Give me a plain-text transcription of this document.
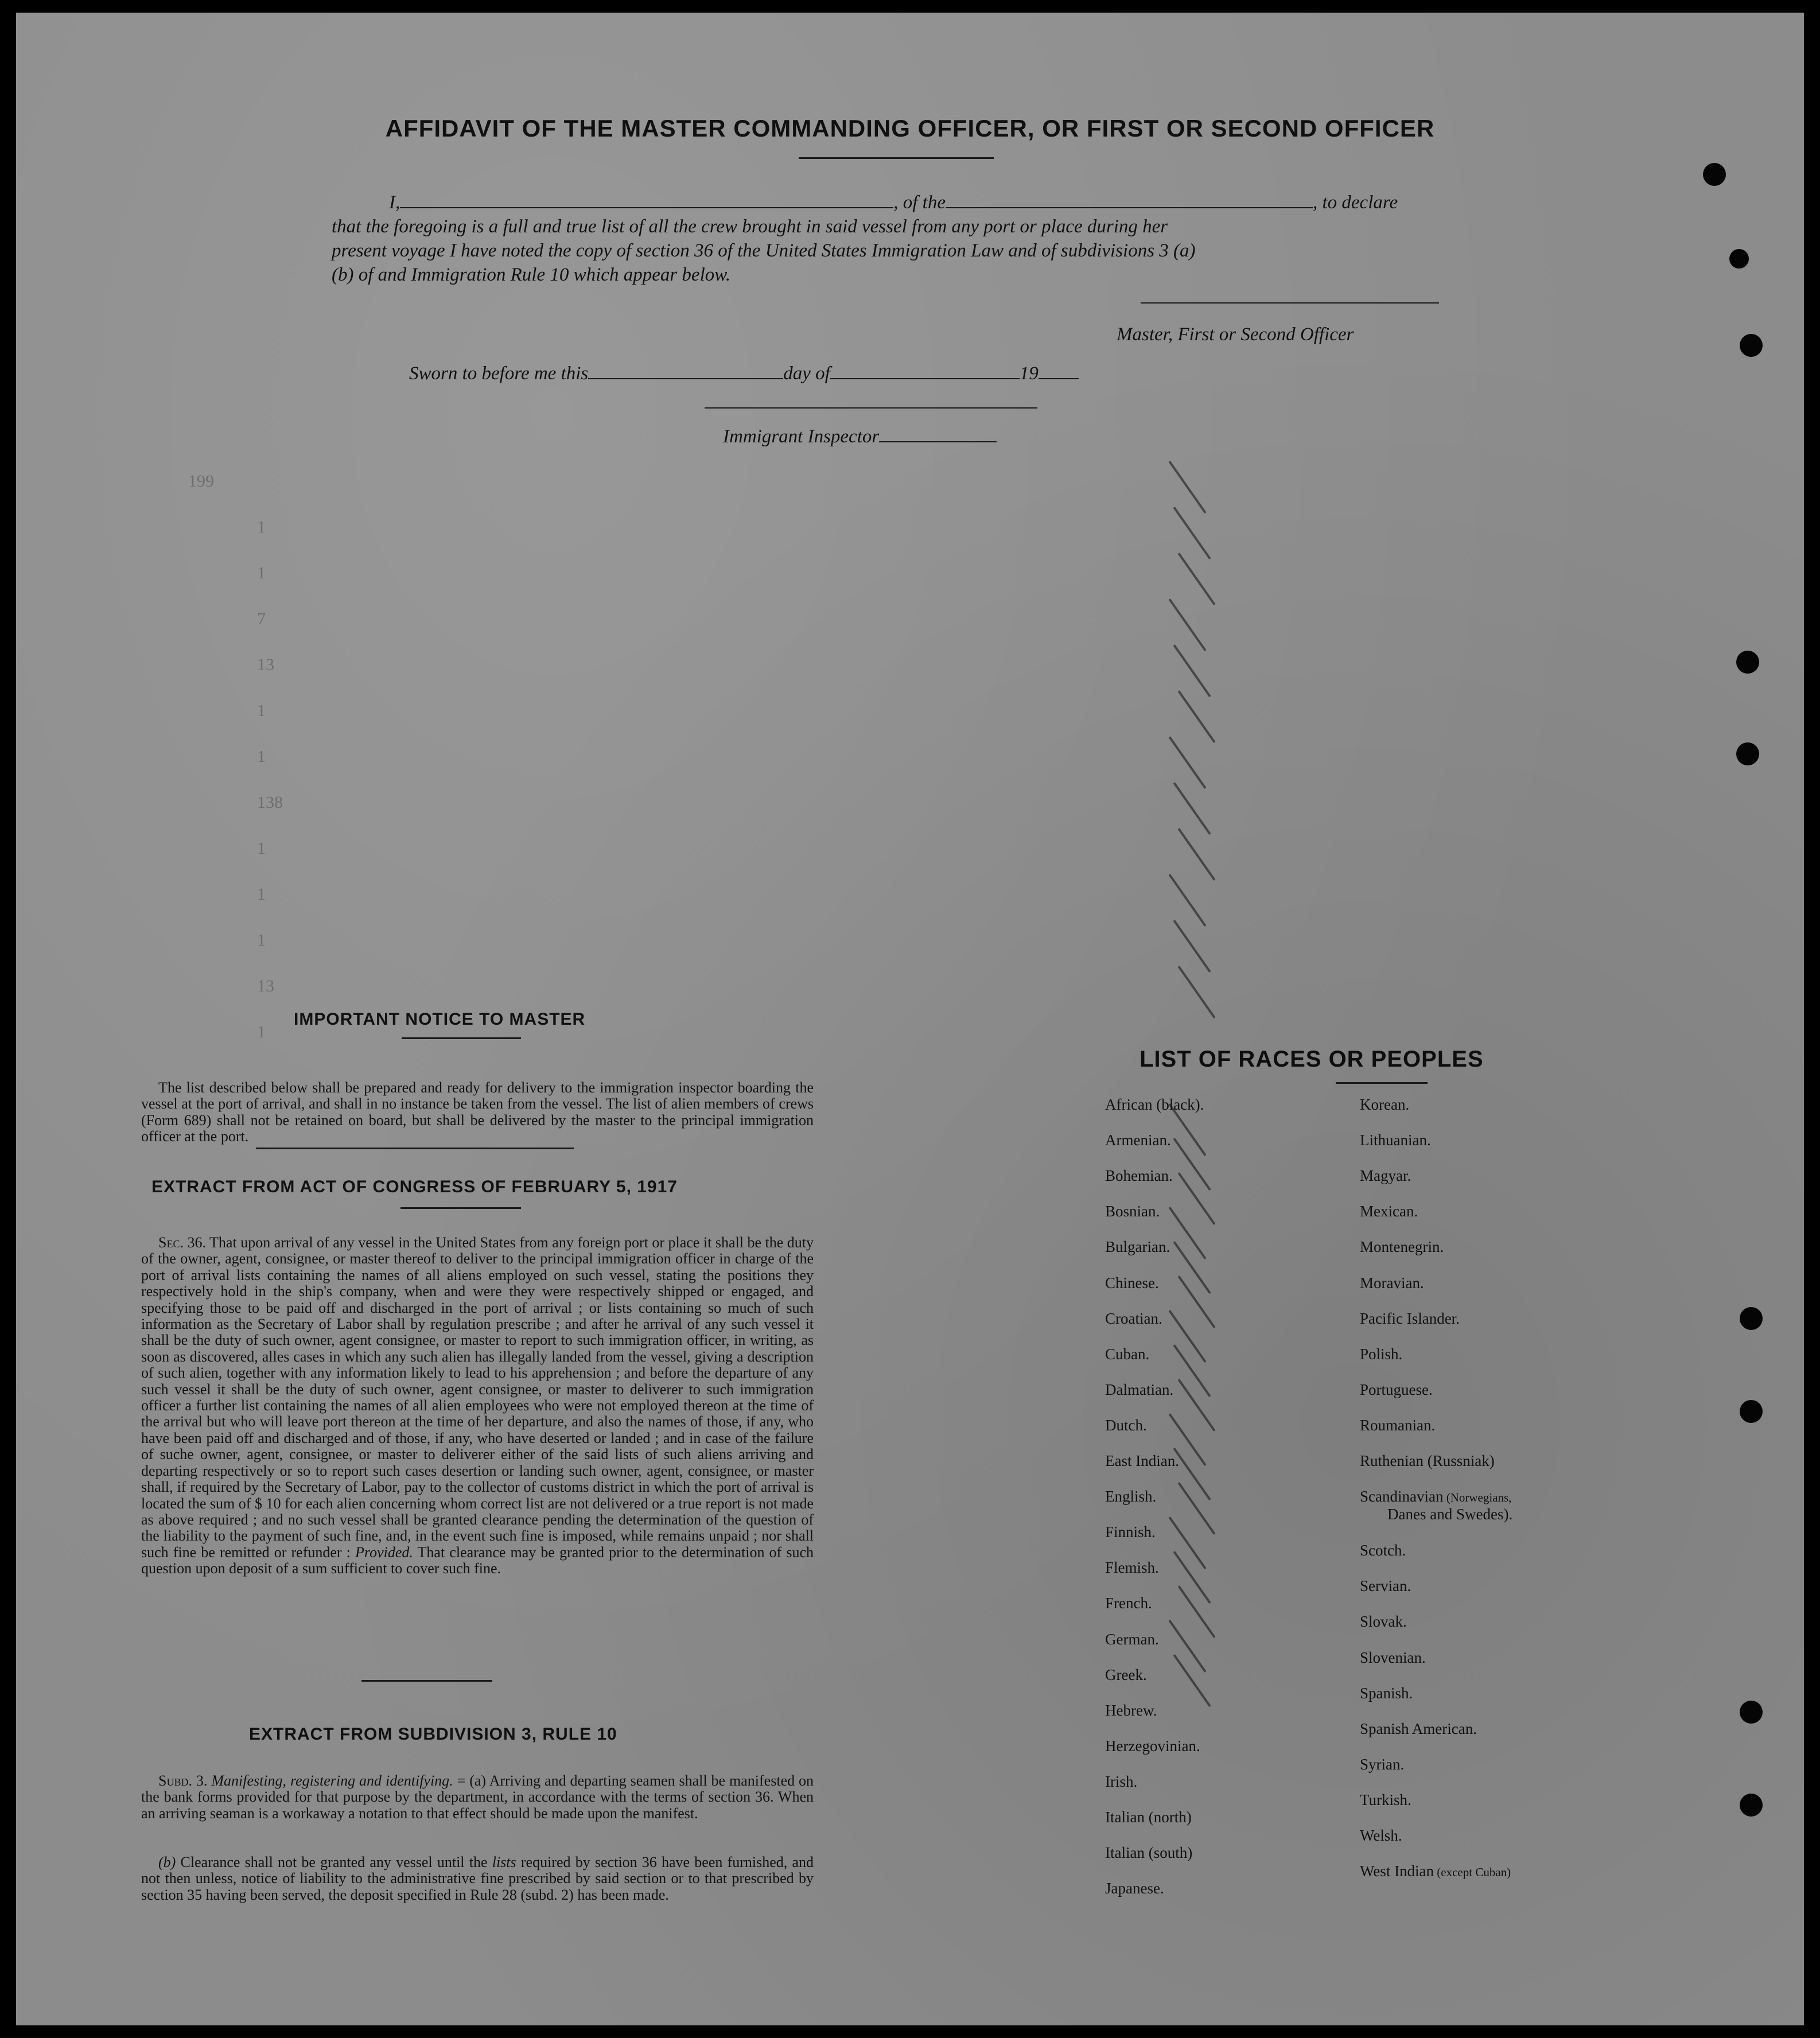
199
1
1
7
13
1
1
138
1
1
1
13
1
AFFIDAVIT OF THE MASTER COMMANDING OFFICER, OR FIRST OR SECOND OFFICER
I,	, of the	, to declare
that the foregoing is a full and true list of all the crew brought in said vessel from any port or place during her
present voyage I have noted the copy of section 36 of the United States Immigration Law and of subdivisions 3 (a)
(b) of and Immigration Rule 10 which appear below.
Master, First or Second Officer
Sworn to before me this	day of	19
Immigrant Inspector
IMPORTANT NOTICE TO MASTER
The list described below shall be prepared and ready for delivery to the immigration inspector boarding the vessel at the port of arrival, and shall in no instance be taken from the vessel. The list of alien members of crews (Form 689) shall not be retained on board, but shall be delivered by the master to the principal immigration officer at the port.
EXTRACT FROM ACT OF CONGRESS OF FEBRUARY 5, 1917
Sec. 36. That upon arrival of any vessel in the United States from any foreign port or place it shall be the duty of the owner, agent, consignee, or master thereof to deliver to the principal immigration officer in charge of the port of arrival lists containing the names of all aliens employed on such vessel, stating the positions they respectively hold in the ship's company, when and were they were respectively shipped or engaged, and specifying those to be paid off and discharged in the port of arrival ; or lists containing so much of such information as the Secretary of Labor shall by regulation prescribe ; and after he arrival of any such vessel it shall be the duty of such owner, agent consignee, or master to report to such immigration officer, in writing, as soon as discovered, alles cases in which any such alien has illegally landed from the vessel, giving a description of such alien, together with any information likely to lead to his apprehension ; and before the departure of any such vessel it shall be the duty of such owner, agent consignee, or master to deliverer to such immigration officer a further list containing the names of all alien employees who were not employed thereon at the time of the arrival but who will leave port thereon at the time of her departure, and also the names of those, if any, who have been paid off and discharged and of those, if any, who have deserted or landed ; and in case of the failure of suche owner, agent, consignee, or master to deliverer either of the said lists of such aliens arriving and departing respectively or so to report such cases desertion or landing such owner, agent, consignee, or master shall, if required by the Secretary of Labor, pay to the collector of customs district in which the port of arrival is located the sum of $ 10 for each alien concerning whom correct list are not delivered or a true report is not made as above required ; and no such vessel shall be granted clearance pending the determination of the question of the liability to the payment of such fine, and, in the event such fine is imposed, while remains unpaid ; nor shall such fine be remitted or refunder : Provided. That clearance may be granted prior to the determination of such question upon deposit of a sum sufficient to cover such fine.
EXTRACT FROM SUBDIVISION 3, RULE 10
Subd. 3. Manifesting, registering and identifying. = (a) Arriving and departing seamen shall be manifested on the bank forms provided for that purpose by the department, in accordance with the terms of section 36. When an arriving seaman is a workaway a notation to that effect should be made upon the manifest.
(b) Clearance shall not be granted any vessel until the lists required by section 36 have been furnished, and not then unless, notice of liability to the administrative fine prescribed by said section or to that prescribed by section 35 having been served, the deposit specified in Rule 28 (subd. 2) has been made.
LIST OF RACES OR PEOPLES
African (black).
Armenian.
Bohemian.
Bosnian.
Bulgarian.
Chinese.
Croatian.
Cuban.
Dalmatian.
Dutch.
East Indian.
English.
Finnish.
Flemish.
French.
German.
Greek.
Hebrew.
Herzegovinian.
Irish.
Italian (north)
Italian (south)
Japanese.
Korean.
Lithuanian.
Magyar.
Mexican.
Montenegrin.
Moravian.
Pacific Islander.
Polish.
Portuguese.
Roumanian.
Ruthenian (Russniak)
Scandinavian (Norwegians,
Danes and Swedes).
Scotch.
Servian.
Slovak.
Slovenian.
Spanish.
Spanish American.
Syrian.
Turkish.
Welsh.
West Indian (except Cuban)
